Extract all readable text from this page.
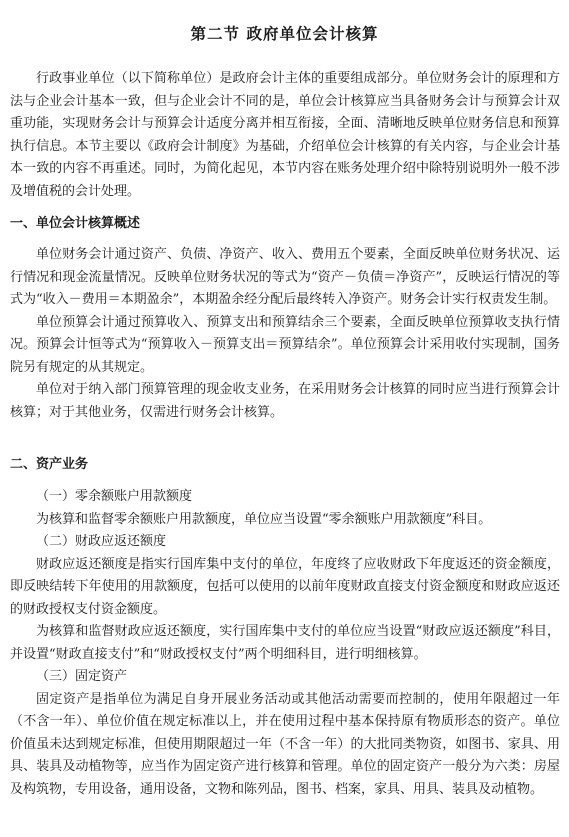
第二节 政府单位会计核算

行政事业单位（以下简称单位）是政府会计主体的重要组成部分。单位财务会计的原理和方法与企业会计基本一致，但与企业会计不同的是，单位会计核算应当具备财务会计与预算会计双重功能，实现财务会计与预算会计适度分离并相互衔接，全面、清晰地反映单位财务信息和预算执行信息。本节主要以《政府会计制度》为基础，介绍单位会计核算的有关内容，与企业会计基本一致的内容不再重述。同时，为简化起见，本节内容在账务处理介绍中除特别说明外一般不涉及增值税的会计处理。

一、单位会计核算概述

单位财务会计通过资产、负债、净资产、收入、费用五个要素，全面反映单位财务状况、运行情况和现金流量情况。反映单位财务状况的等式为“资产－负债＝净资产”，反映运行情况的等式为“收入－费用＝本期盈余”，本期盈余经分配后最终转入净资产。财务会计实行权责发生制。

单位预算会计通过预算收入、预算支出和预算结余三个要素，全面反映单位预算收支执行情况。预算会计恒等式为“预算收入－预算支出＝预算结余”。单位预算会计采用收付实现制，国务院另有规定的从其规定。

单位对于纳入部门预算管理的现金收支业务，在采用财务会计核算的同时应当进行预算会计核算；对于其他业务，仅需进行财务会计核算。

二、资产业务

（一）零余额账户用款额度

为核算和监督零余额账户用款额度，单位应当设置“零余额账户用款额度”科目。

（二）财政应返还额度

财政应返还额度是指实行国库集中支付的单位，年度终了应收财政下年度返还的资金额度，即反映结转下年使用的用款额度，包括可以使用的以前年度财政直接支付资金额度和财政应返还的财政授权支付资金额度。

为核算和监督财政应返还额度，实行国库集中支付的单位应当设置“财政应返还额度”科目，并设置“财政直接支付”和“财政授权支付”两个明细科目，进行明细核算。

（三）固定资产

固定资产是指单位为满足自身开展业务活动或其他活动需要而控制的，使用年限超过一年（不含一年）、单位价值在规定标准以上，并在使用过程中基本保持原有物质形态的资产。单位价值虽未达到规定标准，但使用期限超过一年（不含一年）的大批同类物资，如图书、家具、用具、装具及动植物等，应当作为固定资产进行核算和管理。单位的固定资产一般分为六类：房屋及构筑物，专用设备，通用设备，文物和陈列品，图书、档案，家具、用具、装具及动植物。
